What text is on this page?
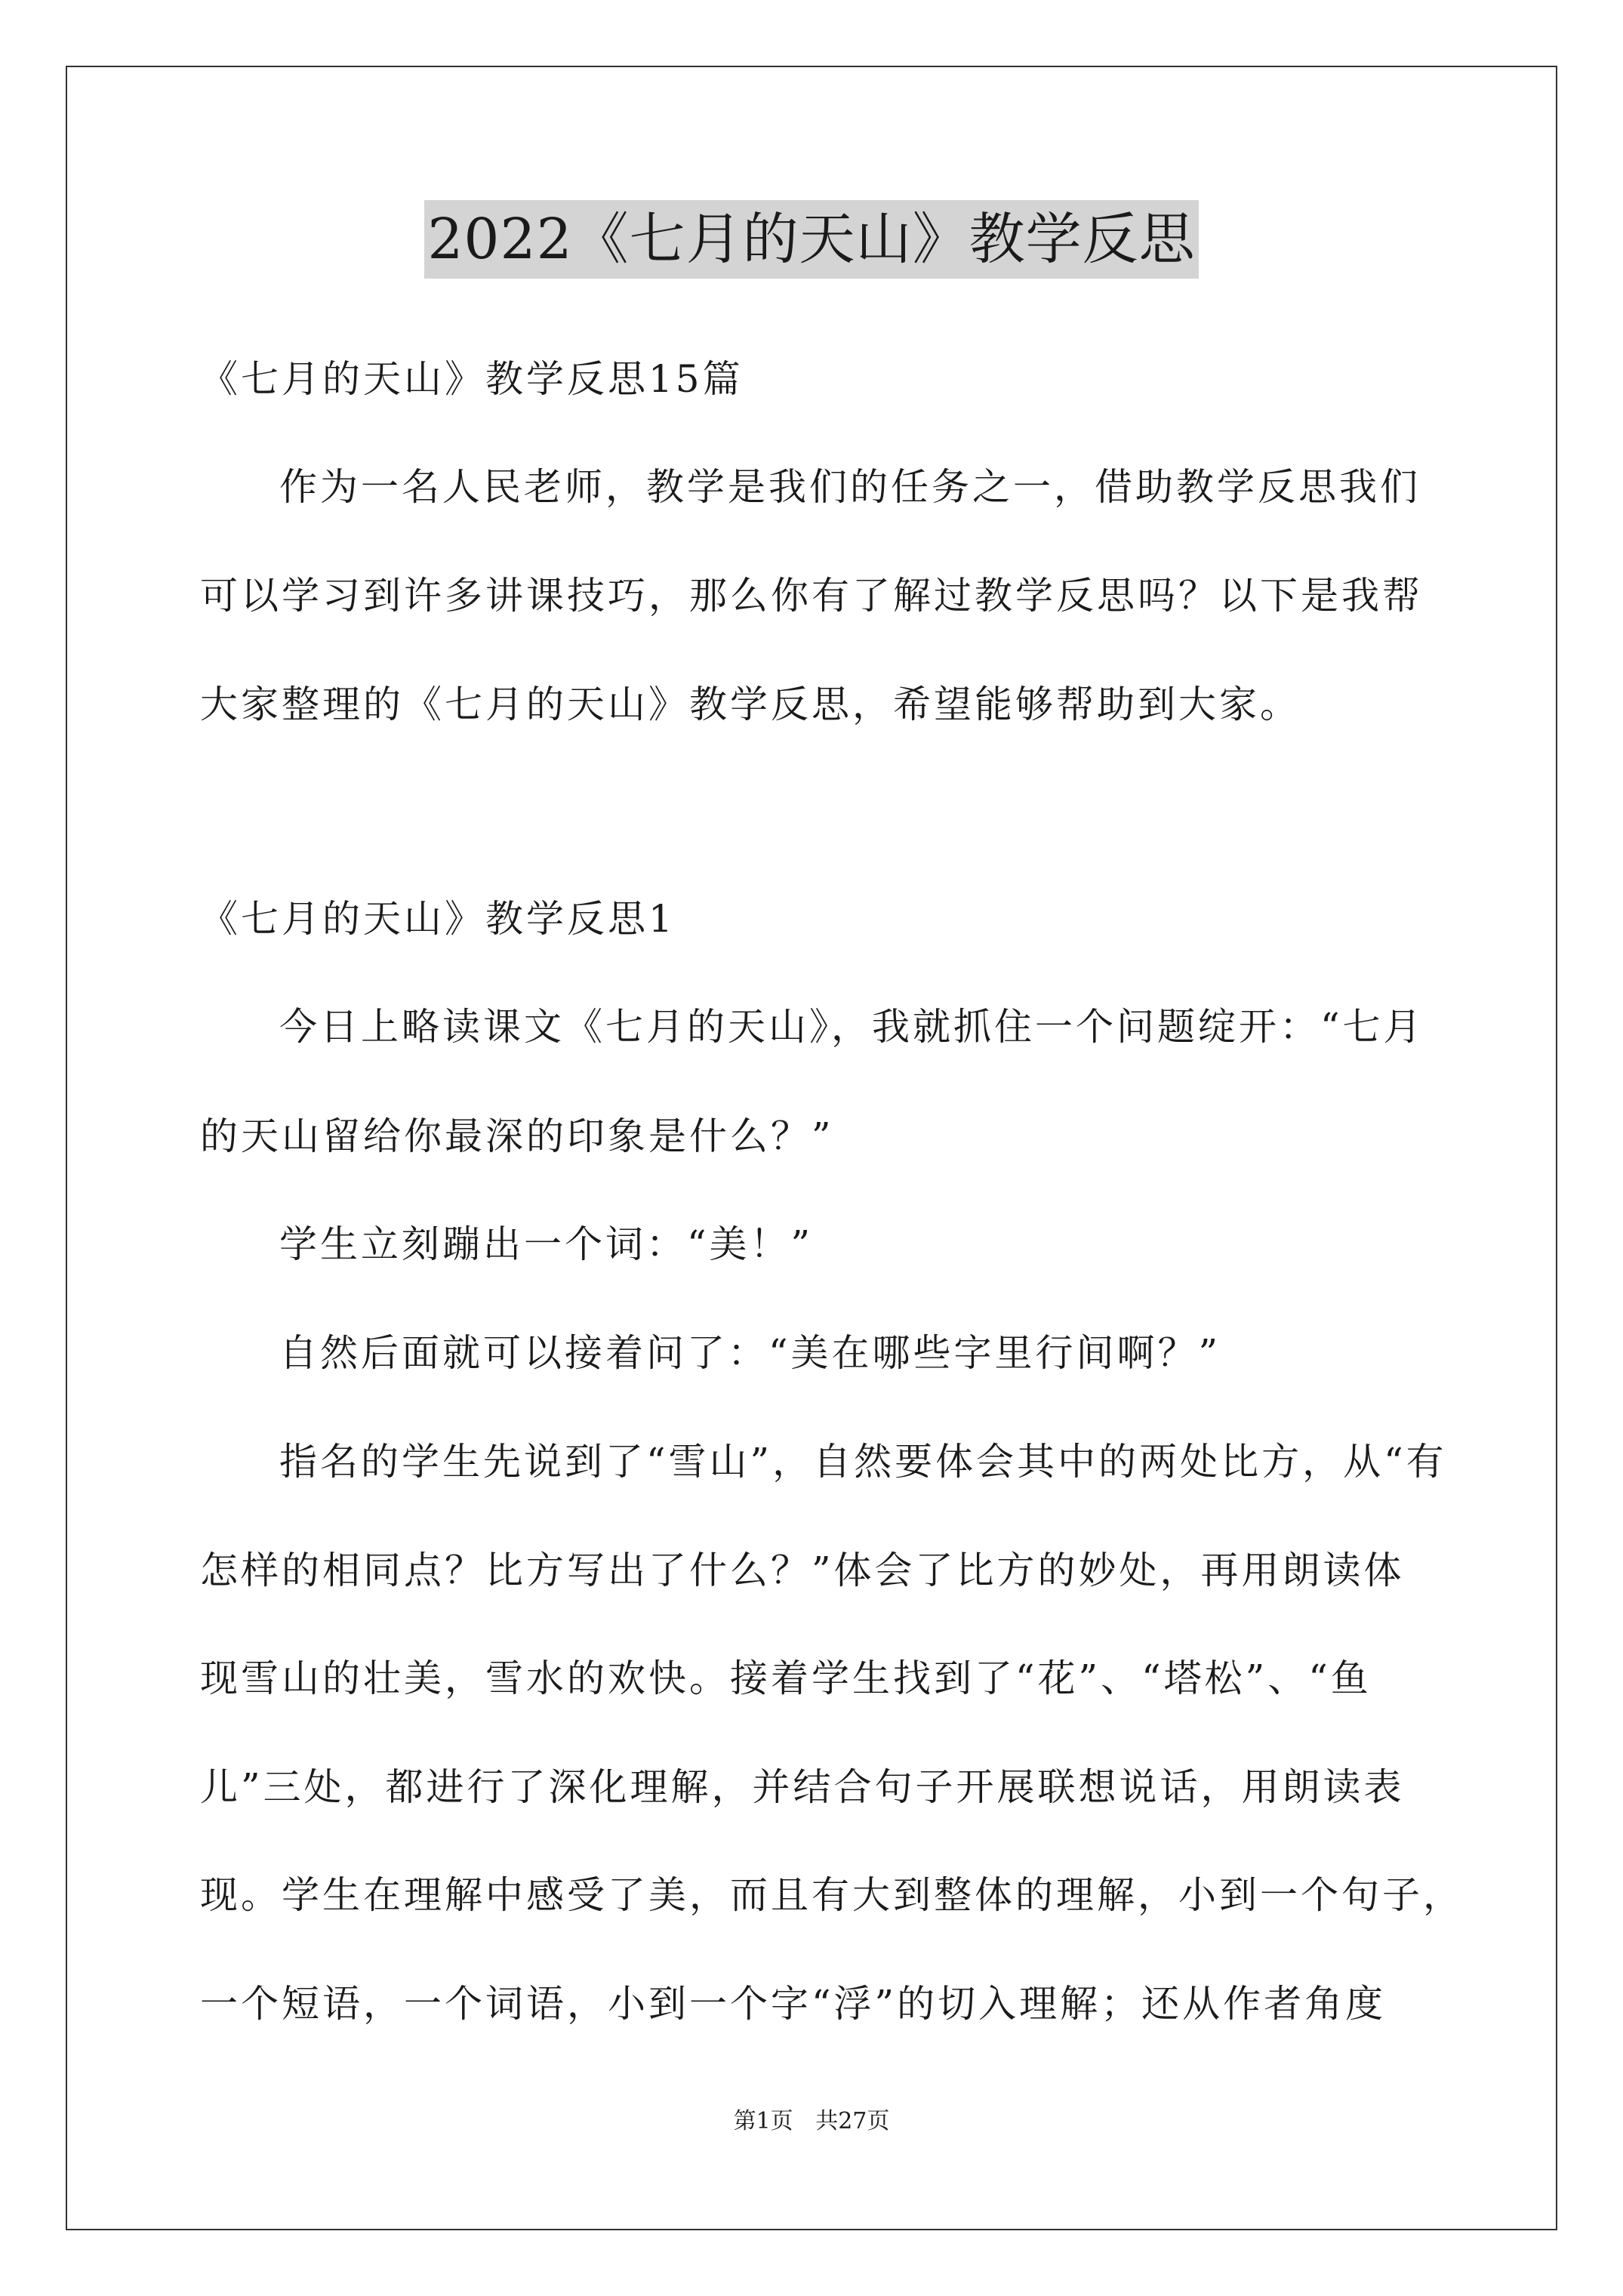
2022《七月的天山》教学反思
《七月的天山》教学反思15篇
作为一名人民老师，教学是我们的任务之一，借助教学反思我们
可以学习到许多讲课技巧，那么你有了解过教学反思吗？以下是我帮
大家整理的《七月的天山》教学反思，希望能够帮助到大家。
《七月的天山》教学反思1
今日上略读课文《七月的天山》，我就抓住一个问题绽开：“七月
的天山留给你最深的印象是什么？”
学生立刻蹦出一个词：“美！”
自然后面就可以接着问了：“美在哪些字里行间啊？”
指名的学生先说到了“雪山”，自然要体会其中的两处比方，从“有
怎样的相同点？比方写出了什么？”体会了比方的妙处，再用朗读体
现雪山的壮美，雪水的欢快。接着学生找到了“花”、“塔松”、“鱼
儿”三处，都进行了深化理解，并结合句子开展联想说话，用朗读表
现。学生在理解中感受了美，而且有大到整体的理解，小到一个句子，
一个短语，一个词语，小到一个字“浮”的切入理解；还从作者角度
第1页 共27页
